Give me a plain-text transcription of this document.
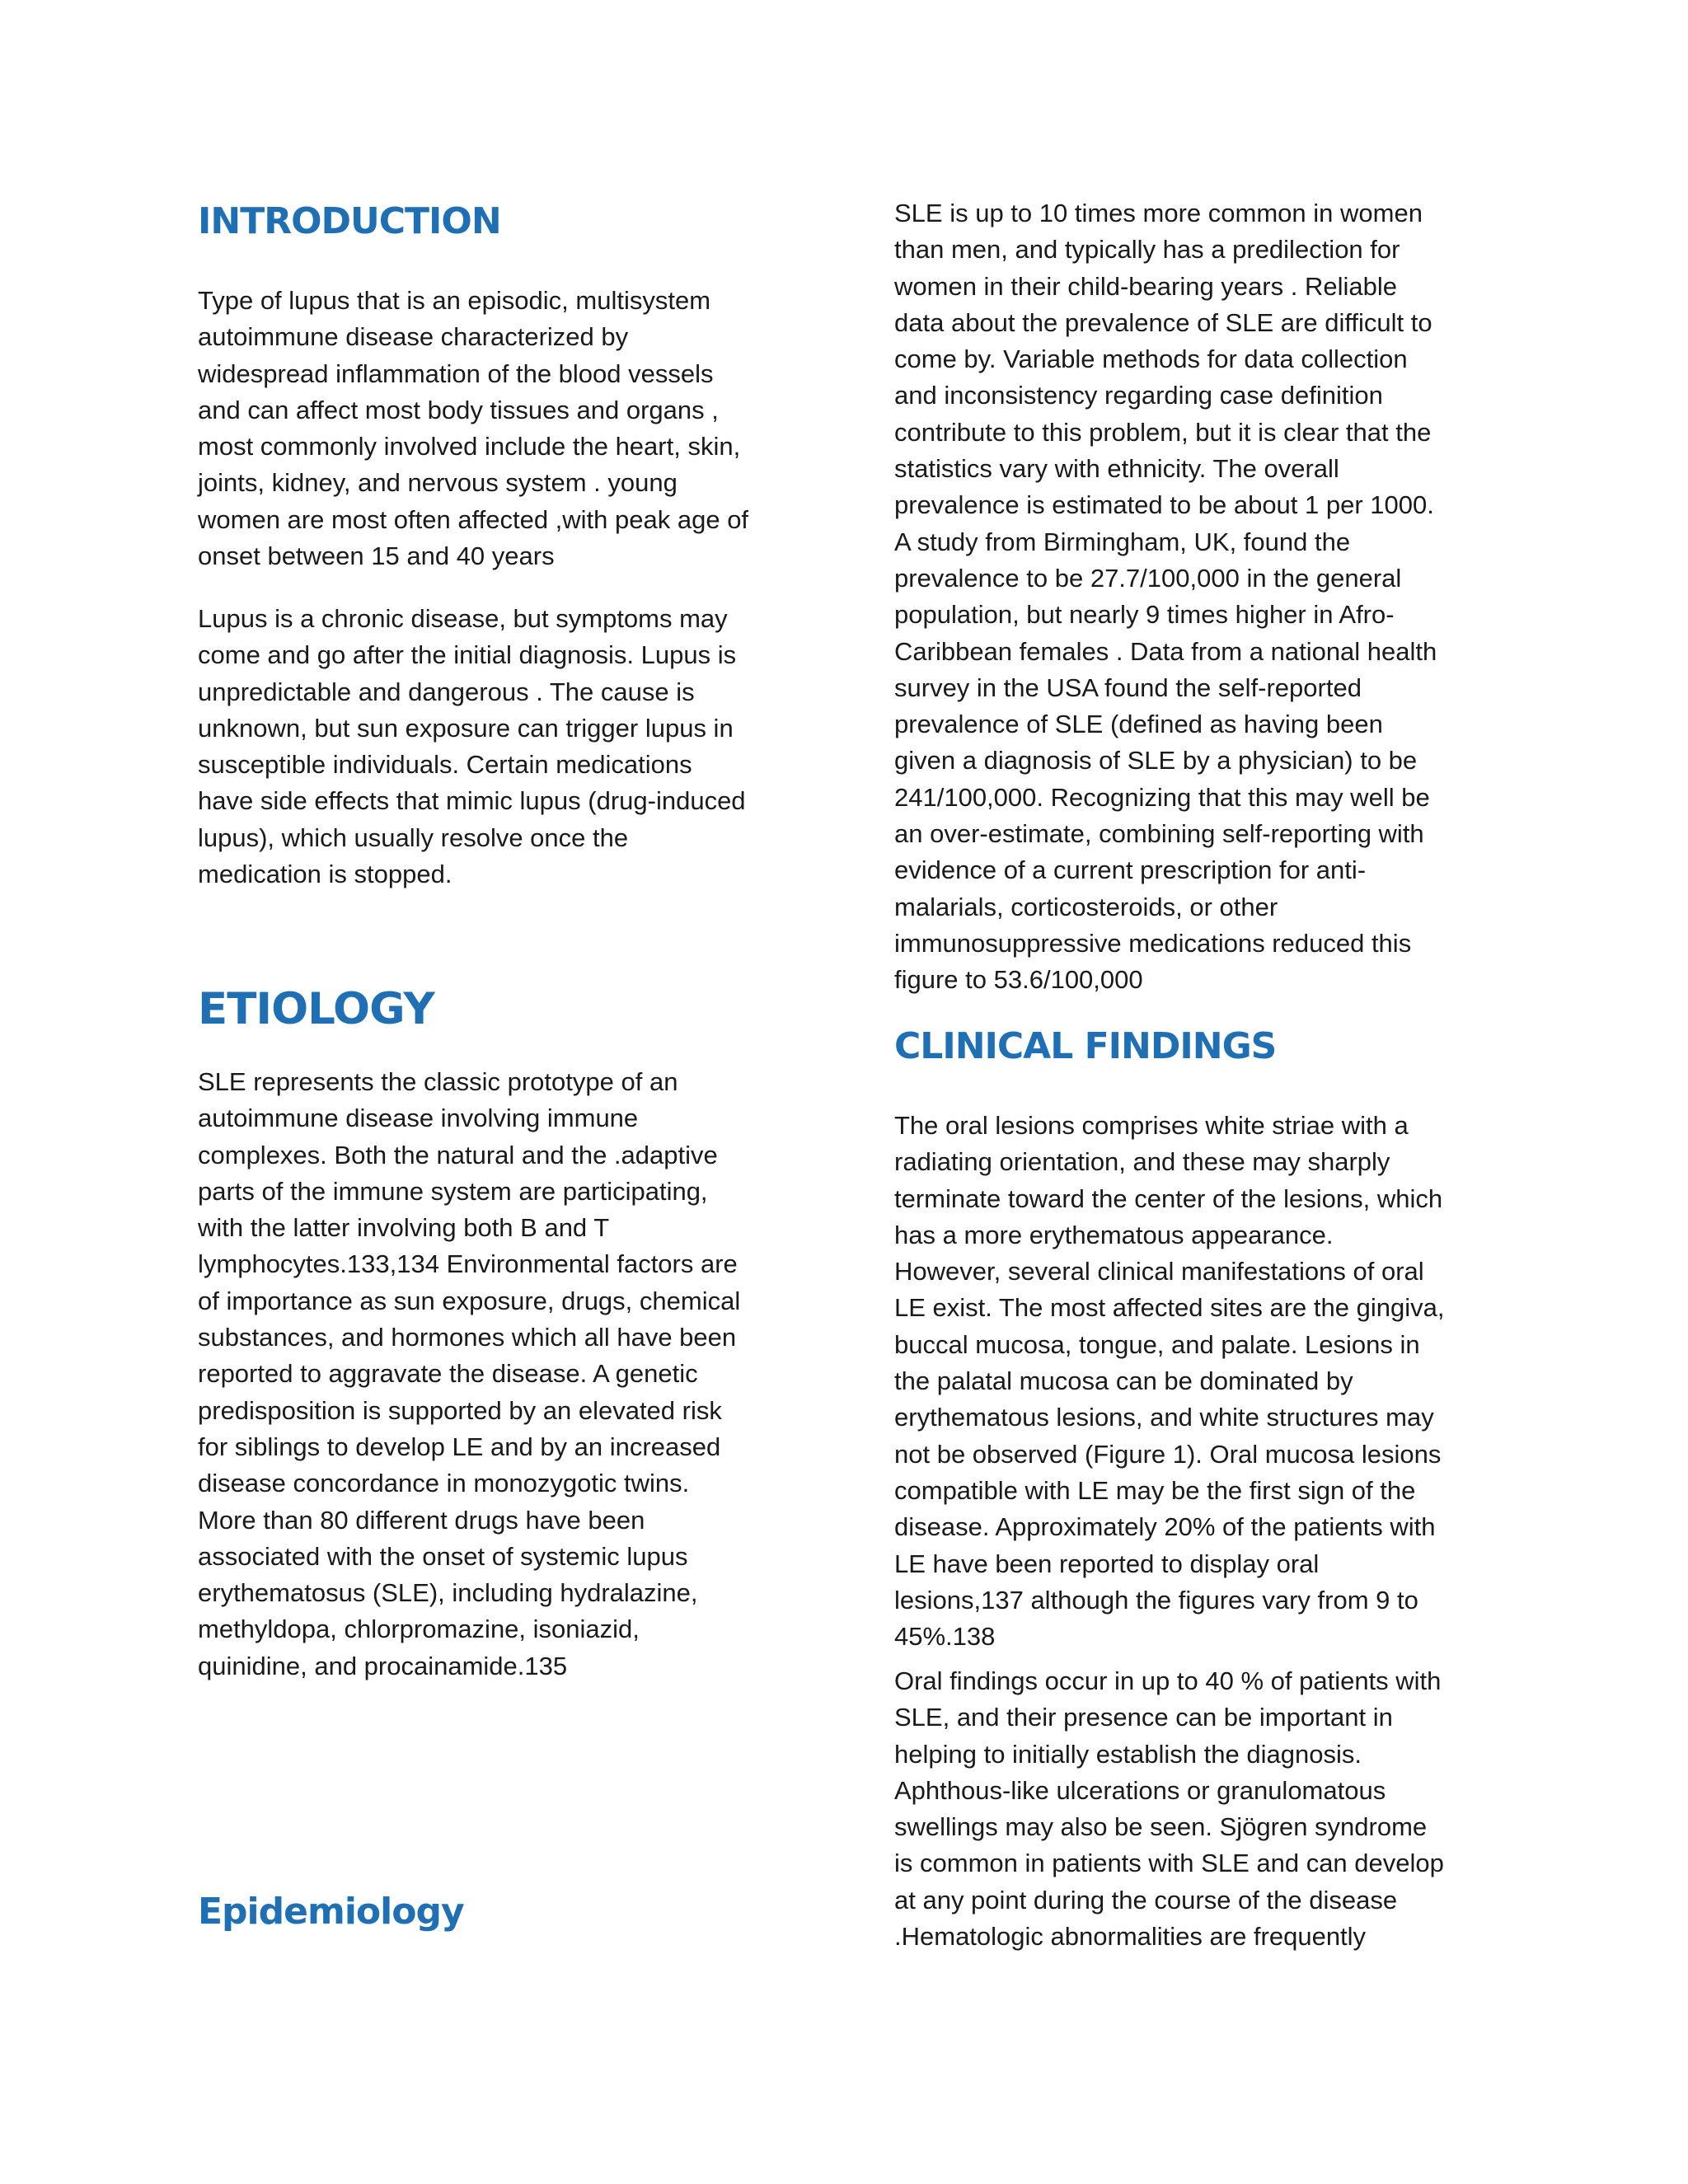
INTRODUCTION
Type of lupus that is an episodic, multisystem
autoimmune disease characterized by
widespread inflammation of the blood vessels
and can affect most body tissues and organs ,
most commonly involved include the heart, skin,
joints, kidney, and nervous system . young
women are most often affected ,with peak age of
onset between 15 and 40 years
Lupus is a chronic disease, but symptoms may
come and go after the initial diagnosis. Lupus is
unpredictable and dangerous . The cause is
unknown, but sun exposure can trigger lupus in
susceptible individuals. Certain medications
have side effects that mimic lupus (drug-induced
lupus), which usually resolve once the
medication is stopped.
ETIOLOGY
SLE represents the classic prototype of an
autoimmune disease involving immune
complexes. Both the natural and the .adaptive
parts of the immune system are participating,
with the latter involving both B and T
lymphocytes.133,134 Environmental factors are
of importance as sun exposure, drugs, chemical
substances, and hormones which all have been
reported to aggravate the disease. A genetic
predisposition is supported by an elevated risk
for siblings to develop LE and by an increased
disease concordance in monozygotic twins.
More than 80 different drugs have been
associated with the onset of systemic lupus
erythematosus (SLE), including hydralazine,
methyldopa, chlorpromazine, isoniazid,
quinidine, and procainamide.135
Epidemiology
SLE is up to 10 times more common in women
than men, and typically has a predilection for
women in their child-bearing years . Reliable
data about the prevalence of SLE are difficult to
come by. Variable methods for data collection
and inconsistency regarding case definition
contribute to this problem, but it is clear that the
statistics vary with ethnicity. The overall
prevalence is estimated to be about 1 per 1000.
A study from Birmingham, UK, found the
prevalence to be 27.7/100,000 in the general
population, but nearly 9 times higher in Afro-
Caribbean females . Data from a national health
survey in the USA found the self-reported
prevalence of SLE (defined as having been
given a diagnosis of SLE by a physician) to be
241/100,000. Recognizing that this may well be
an over-estimate, combining self-reporting with
evidence of a current prescription for anti-
malarials, corticosteroids, or other
immunosuppressive medications reduced this
figure to 53.6/100,000
CLINICAL FINDINGS
The oral lesions comprises white striae with a
radiating orientation, and these may sharply
terminate toward the center of the lesions, which
has a more erythematous appearance.
However, several clinical manifestations of oral
LE exist. The most affected sites are the gingiva,
buccal mucosa, tongue, and palate. Lesions in
the palatal mucosa can be dominated by
erythematous lesions, and white structures may
not be observed (Figure 1). Oral mucosa lesions
compatible with LE may be the first sign of the
disease. Approximately 20% of the patients with
LE have been reported to display oral
lesions,137 although the figures vary from 9 to
45%.138
Oral findings occur in up to 40 % of patients with
SLE, and their presence can be important in
helping to initially establish the diagnosis.
Aphthous-like ulcerations or granulomatous
swellings may also be seen. Sjögren syndrome
is common in patients with SLE and can develop
at any point during the course of the disease
.Hematologic abnormalities are frequently
